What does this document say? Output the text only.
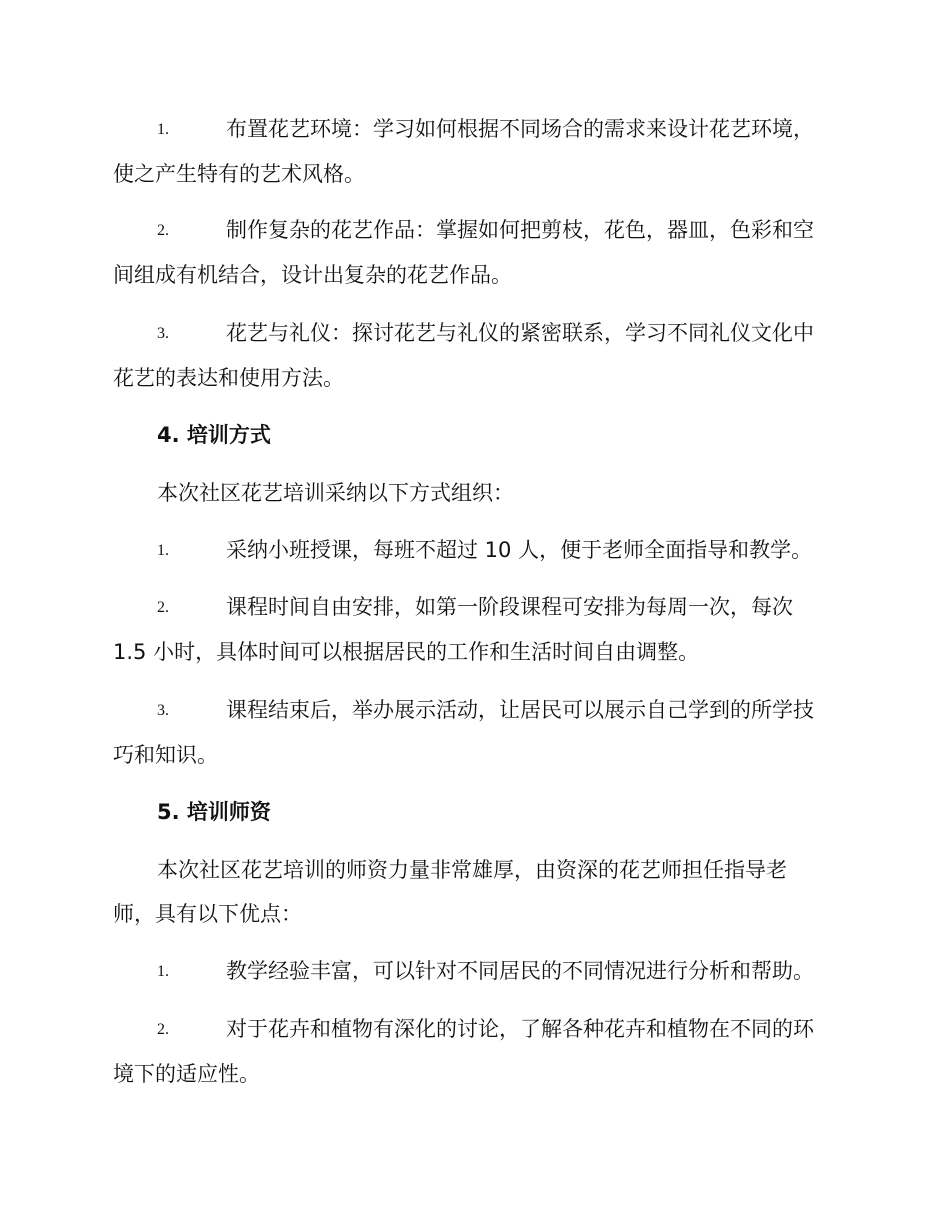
1.	布置花艺环境：学习如何根据不同场合的需求来设计花艺环境，
使之产生特有的艺术风格。
2.	制作复杂的花艺作品：掌握如何把剪枝，花色，器皿，色彩和空
间组成有机结合，设计出复杂的花艺作品。
3.	花艺与礼仪：探讨花艺与礼仪的紧密联系，学习不同礼仪文化中
花艺的表达和使用方法。
4. 培训方式
本次社区花艺培训采纳以下方式组织：
1.	采纳小班授课，每班不超过 10 人，便于老师全面指导和教学。
2.	课程时间自由安排，如第一阶段课程可安排为每周一次，每次
1.5 小时，具体时间可以根据居民的工作和生活时间自由调整。
3.	课程结束后，举办展示活动，让居民可以展示自己学到的所学技
巧和知识。
5. 培训师资
本次社区花艺培训的师资力量非常雄厚，由资深的花艺师担任指导老
师，具有以下优点：
1.	教学经验丰富，可以针对不同居民的不同情况进行分析和帮助。
2.	对于花卉和植物有深化的讨论，了解各种花卉和植物在不同的环
境下的适应性。
